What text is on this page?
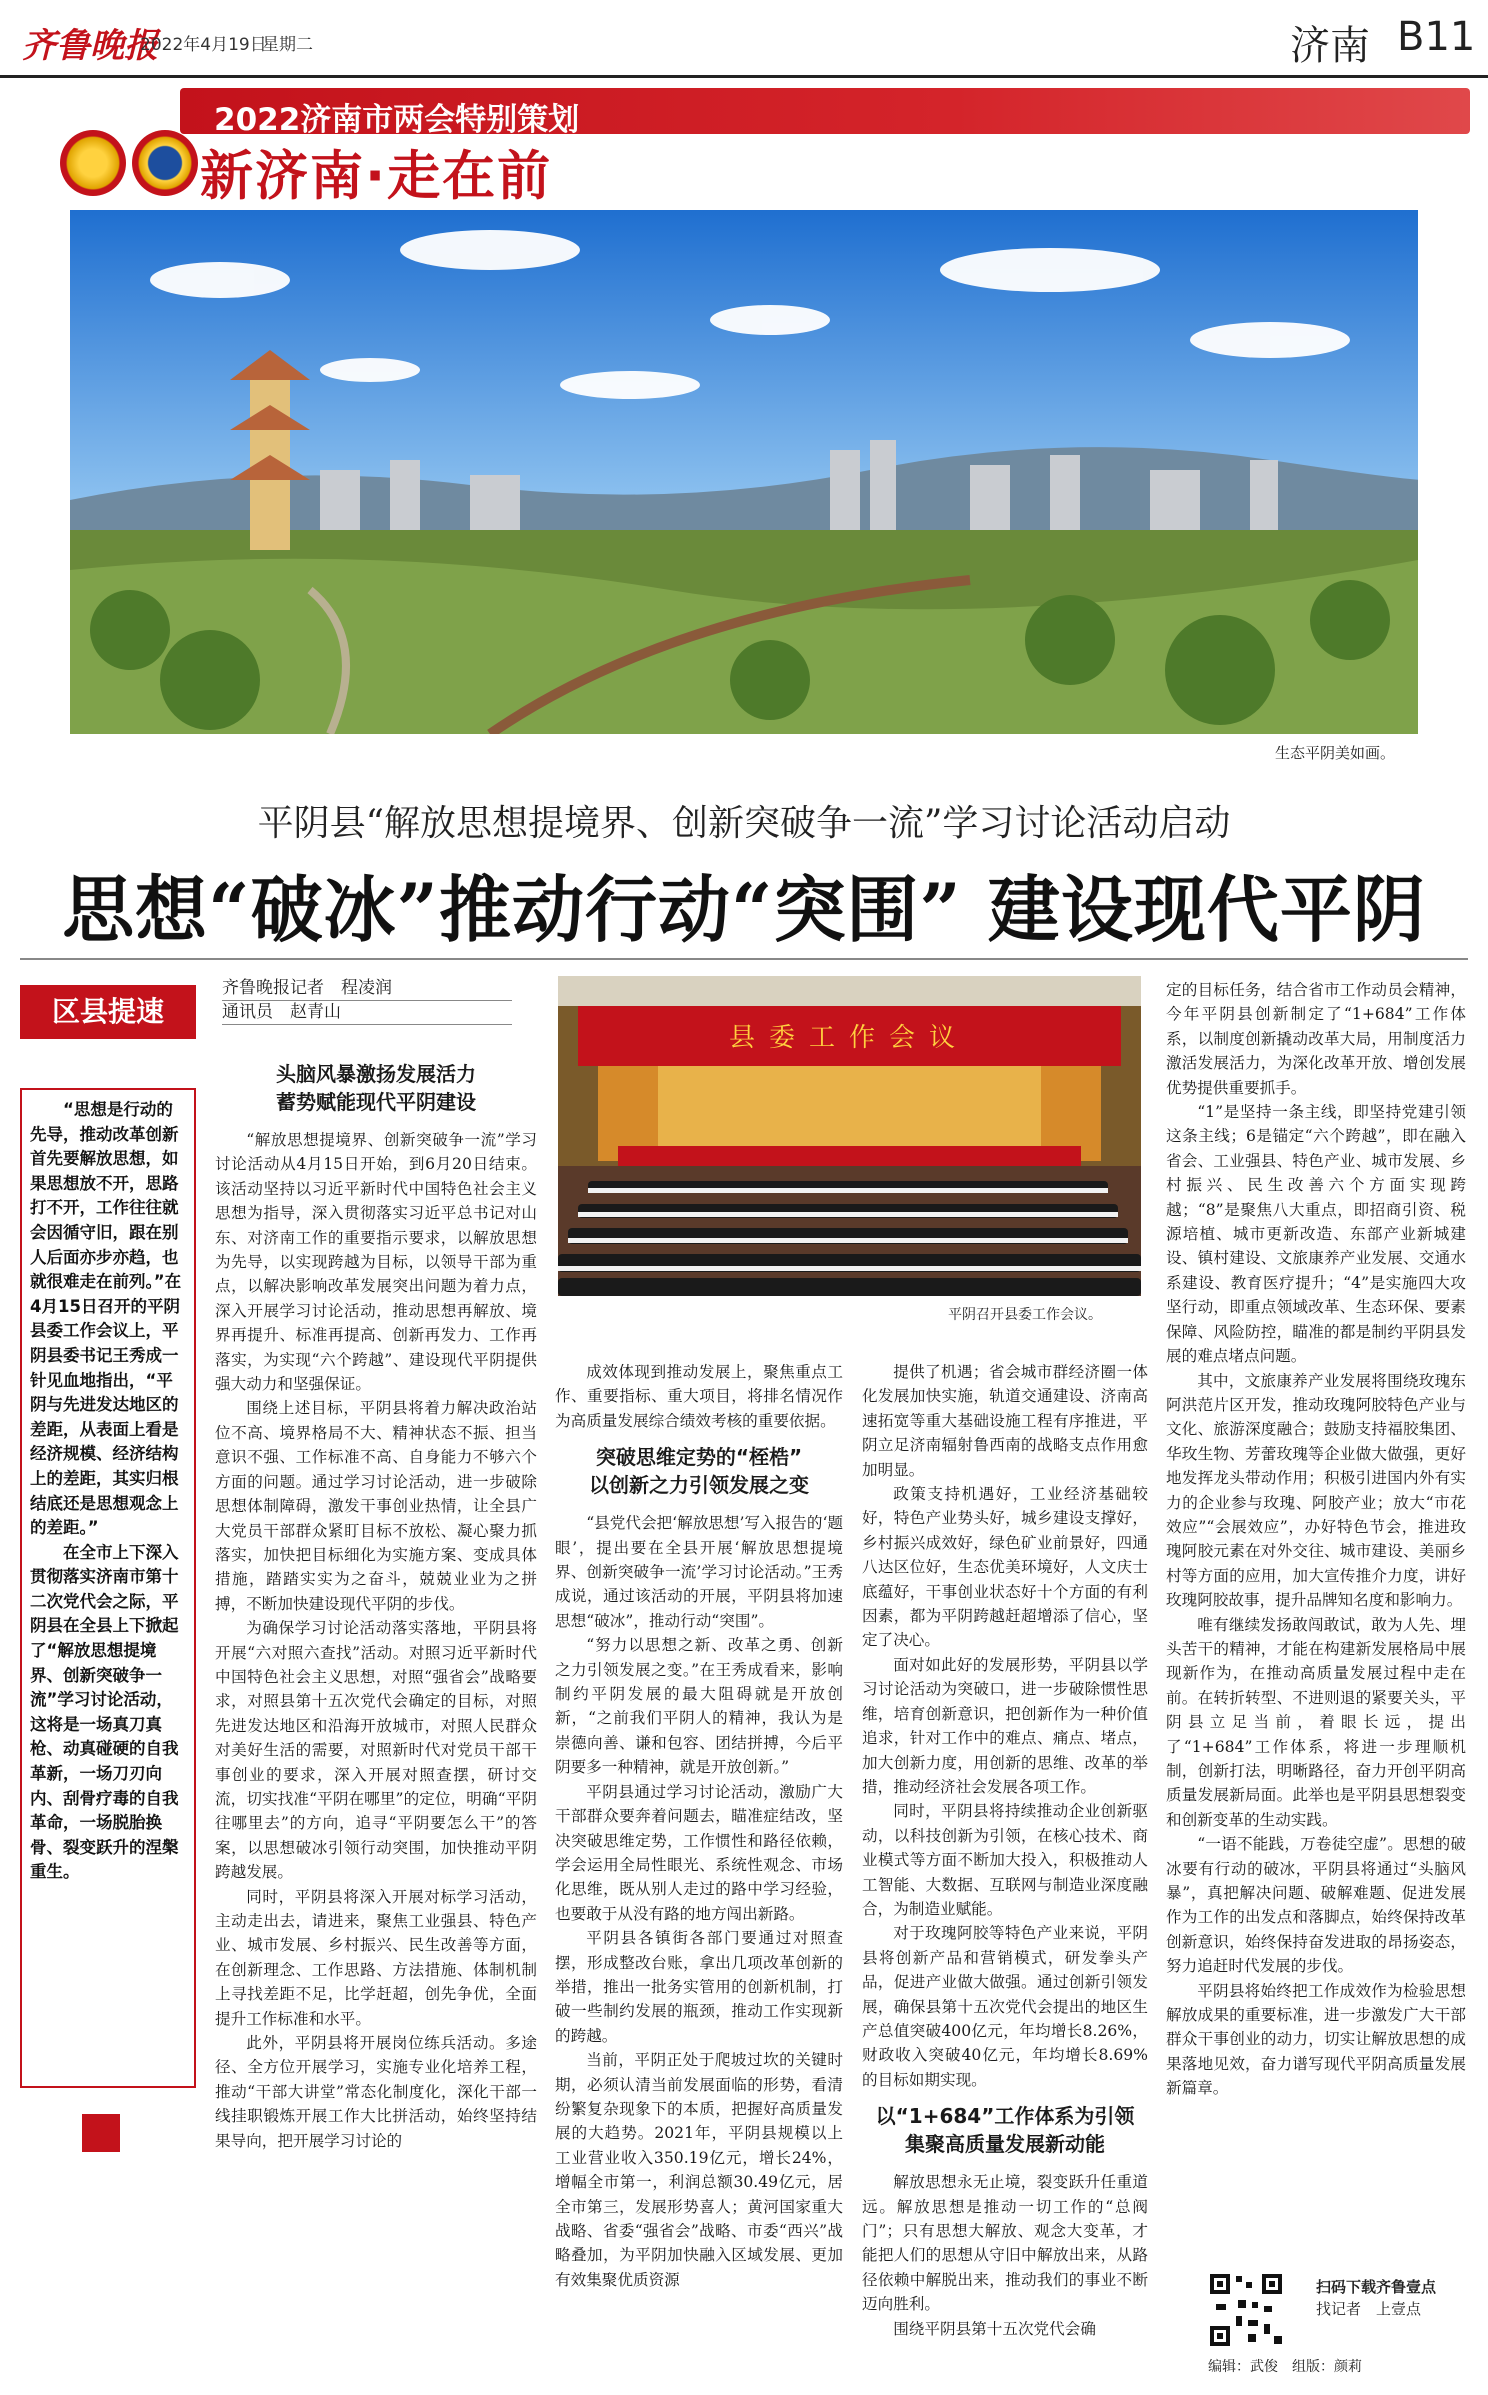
齐鲁晚报
2022年4月19日
星期二	济南 B11
2022济南市两会特别策划
新济南·走在前
生态平阴美如画。
平阴县“解放思想提境界、创新突破争一流”学习讨论活动启动
思想“破冰”推动行动“突围” 建设现代平阴
区县提速
齐鲁晚报记者　程凌润
通讯员　赵青山

“思想是行动的先导，推动改革创新首先要解放思想，如果思想放不开，思路打不开，工作往往就会因循守旧，跟在别人后面亦步亦趋，也就很难走在前列。”在4月15日召开的平阴县委工作会议上，平阴县委书记王秀成一针见血地指出，“平阴与先进发达地区的差距，从表面上看是经济规模、经济结构上的差距，其实归根结底还是思想观念上的差距。”

在全市上下深入贯彻落实济南市第十二次党代会之际，平阴县在全县上下掀起了“解放思想提境界、创新突破争一流”学习讨论活动，这将是一场真刀真枪、动真碰硬的自我革新，一场刀刃向内、刮骨疗毒的自我革命，一场脱胎换骨、裂变跃升的涅槃重生。

头脑风暴激扬发展活力
蓄势赋能现代平阴建设

“解放思想提境界、创新突破争一流”学习讨论活动从4月15日开始，到6月20日结束。该活动坚持以习近平新时代中国特色社会主义思想为指导，深入贯彻落实习近平总书记对山东、对济南工作的重要指示要求，以解放思想为先导，以实现跨越为目标，以领导干部为重点，以解决影响改革发展突出问题为着力点，深入开展学习讨论活动，推动思想再解放、境界再提升、标准再提高、创新再发力、工作再落实，为实现“六个跨越”、建设现代平阴提供强大动力和坚强保证。

围绕上述目标，平阴县将着力解决政治站位不高、境界格局不大、精神状态不振、担当意识不强、工作标准不高、自身能力不够六个方面的问题。通过学习讨论活动，进一步破除思想体制障碍，激发干事创业热情，让全县广大党员干部群众紧盯目标不放松、凝心聚力抓落实，加快把目标细化为实施方案、变成具体措施，踏踏实实为之奋斗，兢兢业业为之拼搏，不断加快建设现代平阴的步伐。

为确保学习讨论活动落实落地，平阴县将开展“六对照六查找”活动。对照习近平新时代中国特色社会主义思想，对照“强省会”战略要求，对照县第十五次党代会确定的目标，对照先进发达地区和沿海开放城市，对照人民群众对美好生活的需要，对照新时代对党员干部干事创业的要求，深入开展对照查摆，研讨交流，切实找准“平阴在哪里”的定位，明确“平阴往哪里去”的方向，追寻“平阴要怎么干”的答案，以思想破冰引领行动突围，加快推动平阴跨越发展。

同时，平阴县将深入开展对标学习活动，主动走出去，请进来，聚焦工业强县、特色产业、城市发展、乡村振兴、民生改善等方面，在创新理念、工作思路、方法措施、体制机制上寻找差距不足，比学赶超，创先争优，全面提升工作标准和水平。

此外，平阴县将开展岗位练兵活动。多途径、全方位开展学习，实施专业化培养工程，推动“干部大讲堂”常态化制度化，深化干部一线挂职锻炼开展工作大比拼活动，始终坚持结果导向，把开展学习讨论的

县委工作会议
平阴召开县委工作会议。

成效体现到推动发展上，聚焦重点工作、重要指标、重大项目，将排名情况作为高质量发展综合绩效考核的重要依据。

突破思维定势的“桎梏”
以创新之力引领发展之变

“县党代会把‘解放思想’写入报告的‘题眼’，提出要在全县开展‘解放思想提境界、创新突破争一流’学习讨论活动。”王秀成说，通过该活动的开展，平阴县将加速思想“破冰”，推动行动“突围”。

“努力以思想之新、改革之勇、创新之力引领发展之变。”在王秀成看来，影响制约平阴发展的最大阻碍就是开放创新，“之前我们平阴人的精神，我认为是崇德向善、谦和包容、团结拼搏，今后平阴要多一种精神，就是开放创新。”

平阴县通过学习讨论活动，激励广大干部群众要奔着问题去，瞄准症结改，坚决突破思维定势，工作惯性和路径依赖，学会运用全局性眼光、系统性观念、市场化思维，既从别人走过的路中学习经验，也要敢于从没有路的地方闯出新路。

平阴县各镇街各部门要通过对照查摆，形成整改台账，拿出几项改革创新的举措，推出一批务实管用的创新机制，打破一些制约发展的瓶颈，推动工作实现新的跨越。

当前，平阴正处于爬坡过坎的关键时期，必须认清当前发展面临的形势，看清纷繁复杂现象下的本质，把握好高质量发展的大趋势。2021年，平阴县规模以上工业营业收入350.19亿元，增长24%，增幅全市第一，利润总额30.49亿元，居全市第三，发展形势喜人；黄河国家重大战略、省委“强省会”战略、市委“西兴”战略叠加，为平阴加快融入区域发展、更加有效集聚优质资源

提供了机遇；省会城市群经济圈一体化发展加快实施，轨道交通建设、济南高速拓宽等重大基础设施工程有序推进，平阴立足济南辐射鲁西南的战略支点作用愈加明显。

政策支持机遇好，工业经济基础较好，特色产业势头好，城乡建设支撑好，乡村振兴成效好，绿色矿业前景好，四通八达区位好，生态优美环境好，人文庆士底蕴好，干事创业状态好十个方面的有利因素，都为平阴跨越赶超增添了信心，坚定了决心。

面对如此好的发展形势，平阴县以学习讨论活动为突破口，进一步破除惯性思维，培育创新意识，把创新作为一种价值追求，针对工作中的难点、痛点、堵点，加大创新力度，用创新的思维、改革的举措，推动经济社会发展各项工作。

同时，平阴县将持续推动企业创新驱动，以科技创新为引领，在核心技术、商业模式等方面不断加大投入，积极推动人工智能、大数据、互联网与制造业深度融合，为制造业赋能。

对于玫瑰阿胶等特色产业来说，平阴县将创新产品和营销模式，研发拳头产品，促进产业做大做强。通过创新引领发展，确保县第十五次党代会提出的地区生产总值突破400亿元，年均增长8.26%，财政收入突破40亿元，年均增长8.69%的目标如期实现。

以“1+684”工作体系为引领
集聚高质量发展新动能

解放思想永无止境，裂变跃升任重道远。解放思想是推动一切工作的“总阀门”；只有思想大解放、观念大变革，才能把人们的思想从守旧中解放出来，从路径依赖中解脱出来，推动我们的事业不断迈向胜利。

围绕平阴县第十五次党代会确

定的目标任务，结合省市工作动员会精神，今年平阴县创新制定了“1+684”工作体系，以制度创新撬动改革大局，用制度活力激活发展活力，为深化改革开放、增创发展优势提供重要抓手。

“1”是坚持一条主线，即坚持党建引领这条主线；6是锚定“六个跨越”，即在融入省会、工业强县、特色产业、城市发展、乡村振兴、民生改善六个方面实现跨越；“8”是聚焦八大重点，即招商引资、税源培植、城市更新改造、东部产业新城建设、镇村建设、文旅康养产业发展、交通水系建设、教育医疗提升；“4”是实施四大攻坚行动，即重点领域改革、生态环保、要素保障、风险防控，瞄准的都是制约平阴县发展的难点堵点问题。

其中，文旅康养产业发展将围绕玫瑰东阿洪范片区开发，推动玫瑰阿胶特色产业与文化、旅游深度融合；鼓励支持福胶集团、华玫生物、芳蕾玫瑰等企业做大做强，更好地发挥龙头带动作用；积极引进国内外有实力的企业参与玫瑰、阿胶产业；放大“市花效应”“会展效应”，办好特色节会，推进玫瑰阿胶元素在对外交往、城市建设、美丽乡村等方面的应用，加大宣传推介力度，讲好玫瑰阿胶故事，提升品牌知名度和影响力。

唯有继续发扬敢闯敢试，敢为人先、埋头苦干的精神，才能在构建新发展格局中展现新作为，在推动高质量发展过程中走在前。在转折转型、不进则退的紧要关头，平阴县立足当前，着眼长远，提出了“1+684”工作体系，将进一步理顺机制，创新打法，明晰路径，奋力开创平阴高质量发展新局面。此举也是平阴县思想裂变和创新变革的生动实践。

“一语不能践，万卷徒空虚”。思想的破冰要有行动的破冰，平阴县将通过“头脑风暴”，真把解决问题、破解难题、促进发展作为工作的出发点和落脚点，始终保持改革创新意识，始终保持奋发进取的昂扬姿态，努力追赶时代发展的步伐。

平阴县将始终把工作成效作为检验思想解放成果的重要标准，进一步激发广大干部群众干事创业的动力，切实让解放思想的成果落地见效，奋力谱写现代平阴高质量发展新篇章。

扫码下载齐鲁壹点
找记者　上壹点
编辑：武俊　组版：颜莉
